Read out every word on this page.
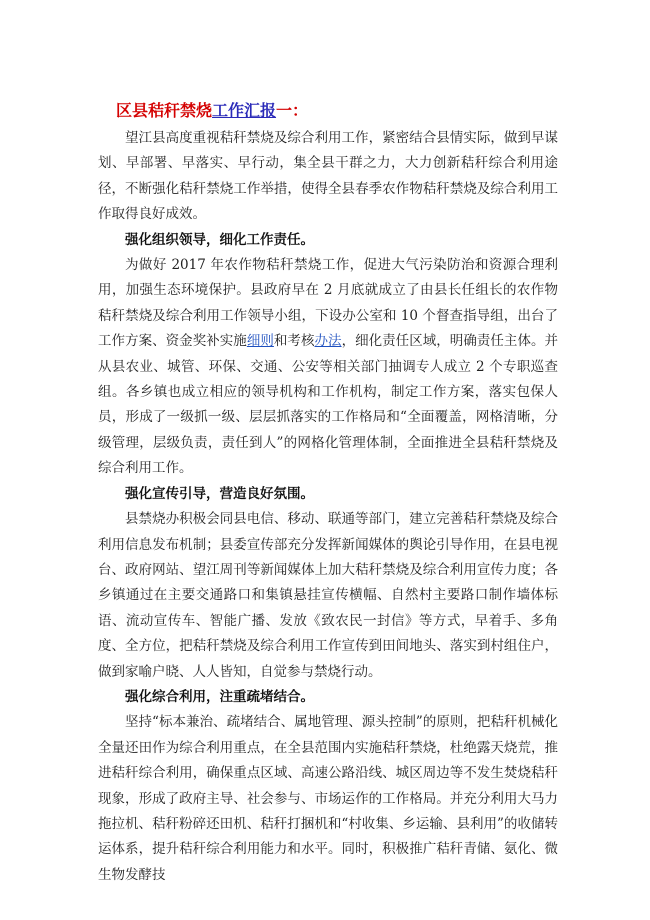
区县秸秆禁烧工作汇报一：

望江县高度重视秸秆禁烧及综合利用工作，紧密结合县情实际，做到早谋划、早部署、早落实、早行动，集全县干群之力，大力创新秸秆综合利用途径，不断强化秸秆禁烧工作举措，使得全县春季农作物秸秆禁烧及综合利用工作取得良好成效。

强化组织领导，细化工作责任。

为做好 2017 年农作物秸秆禁烧工作，促进大气污染防治和资源合理利用，加强生态环境保护。县政府早在 2 月底就成立了由县长任组长的农作物秸秆禁烧及综合利用工作领导小组，下设办公室和 10 个督查指导组，出台了工作方案、资金奖补实施细则和考核办法，细化责任区域，明确责任主体。并从县农业、城管、环保、交通、公安等相关部门抽调专人成立 2 个专职巡查组。各乡镇也成立相应的领导机构和工作机构，制定工作方案，落实包保人员，形成了一级抓一级、层层抓落实的工作格局和“全面覆盖，网格清晰，分级管理，层级负责，责任到人”的网格化管理体制，全面推进全县秸秆禁烧及综合利用工作。

强化宣传引导，营造良好氛围。

县禁烧办积极会同县电信、移动、联通等部门，建立完善秸秆禁烧及综合利用信息发布机制；县委宣传部充分发挥新闻媒体的舆论引导作用，在县电视台、政府网站、望江周刊等新闻媒体上加大秸秆禁烧及综合利用宣传力度；各乡镇通过在主要交通路口和集镇悬挂宣传横幅、自然村主要路口制作墙体标语、流动宣传车、智能广播、发放《致农民一封信》等方式，早着手、多角度、全方位，把秸秆禁烧及综合利用工作宣传到田间地头、落实到村组住户，做到家喻户晓、人人皆知，自觉参与禁烧行动。

强化综合利用，注重疏堵结合。

坚持“标本兼治、疏堵结合、属地管理、源头控制”的原则，把秸秆机械化全量还田作为综合利用重点，在全县范围内实施秸秆禁烧，杜绝露天烧荒，推进秸秆综合利用，确保重点区域、高速公路沿线、城区周边等不发生焚烧秸秆现象，形成了政府主导、社会参与、市场运作的工作格局。并充分利用大马力拖拉机、秸秆粉碎还田机、秸秆打捆机和“村收集、乡运输、县利用”的收储转运体系，提升秸秆综合利用能力和水平。同时，积极推广秸秆青储、氨化、微生物发酵技
